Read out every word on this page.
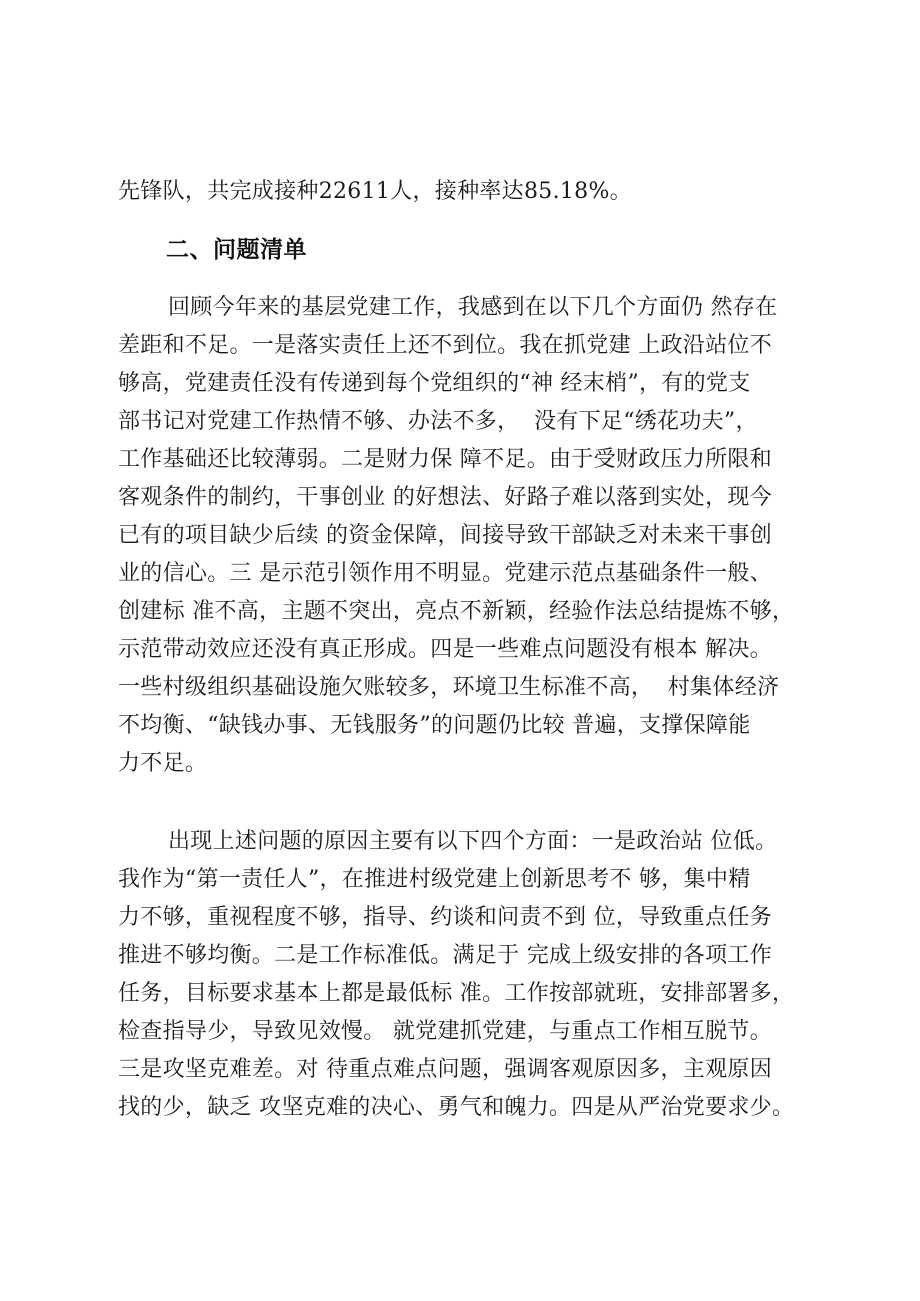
先锋队，共完成接种22611人，接种率达85.18%。

二、问题清单

回顾今年来的基层党建工作，我感到在以下几个方面仍 然存在

差距和不足。一是落实责任上还不到位。我在抓党建 上政沿站位不

够高，党建责任没有传递到每个党组织的“神 经末梢”，有的党支

部书记对党建工作热情不够、办法不多，  没有下足“绣花功夫”，

工作基础还比较薄弱。二是财力保 障不足。由于受财政压力所限和

客观条件的制约，干事创业 的好想法、好路子难以落到实处，现今

已有的项目缺少后续 的资金保障，间接导致干部缺乏对未来干事创

业的信心。三 是示范引领作用不明显。党建示范点基础条件一般、

创建标 准不高，主题不突出，亮点不新颖，经验作法总结提炼不够，

示范带动效应还没有真正形成。四是一些难点问题没有根本 解决。

一些村级组织基础设施欠账较多，环境卫生标准不高，  村集体经济

不均衡、“缺钱办事、无钱服务”的问题仍比较 普遍，支撑保障能

力不足。

出现上述问题的原因主要有以下四个方面：一是政治站 位低。

我作为“第一责任人”，在推进村级党建上创新思考不 够，集中精

力不够，重视程度不够，指导、约谈和问责不到 位，导致重点任务

推进不够均衡。二是工作标准低。满足于 完成上级安排的各项工作

任务，目标要求基本上都是最低标 准。工作按部就班，安排部署多，

检查指导少，导致见效慢。 就党建抓党建，与重点工作相互脱节。

三是攻坚克难差。对 待重点难点问题，强调客观原因多，主观原因

找的少，缺乏 攻坚克难的决心、勇气和魄力。四是从严治党要求少。
